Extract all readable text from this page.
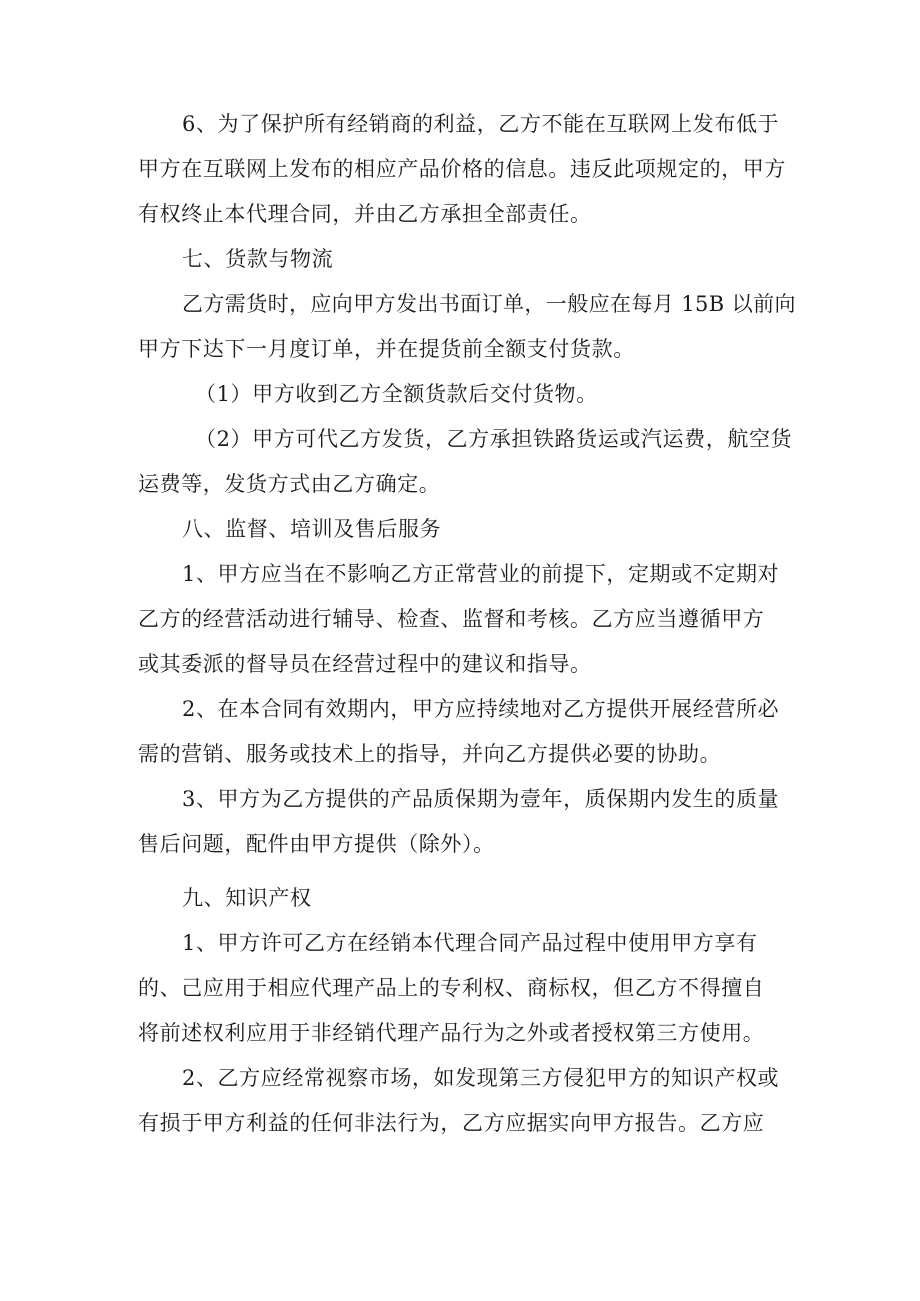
6、为了保护所有经销商的利益，乙方不能在互联网上发布低于
甲方在互联网上发布的相应产品价格的信息。违反此项规定的，甲方
有权终止本代理合同，并由乙方承担全部责任。
七、货款与物流
乙方需货时，应向甲方发出书面订单，一般应在每月 15B 以前向
甲方下达下一月度订单，并在提货前全额支付货款。
（1）甲方收到乙方全额货款后交付货物。
（2）甲方可代乙方发货，乙方承担铁路货运或汽运费，航空货
运费等，发货方式由乙方确定。
八、监督、培训及售后服务
1、甲方应当在不影响乙方正常营业的前提下，定期或不定期对
乙方的经营活动进行辅导、检查、监督和考核。乙方应当遵循甲方
或其委派的督导员在经营过程中的建议和指导。
2、在本合同有效期内，甲方应持续地对乙方提供开展经营所必
需的营销、服务或技术上的指导，并向乙方提供必要的协助。
3、甲方为乙方提供的产品质保期为壹年，质保期内发生的质量
售后问题，配件由甲方提供（除外）。
九、知识产权
1、甲方许可乙方在经销本代理合同产品过程中使用甲方享有
的、己应用于相应代理产品上的专利权、商标权，但乙方不得擅自
将前述权利应用于非经销代理产品行为之外或者授权第三方使用。
2、乙方应经常视察市场，如发现第三方侵犯甲方的知识产权或
有损于甲方利益的任何非法行为，乙方应据实向甲方报告。乙方应
